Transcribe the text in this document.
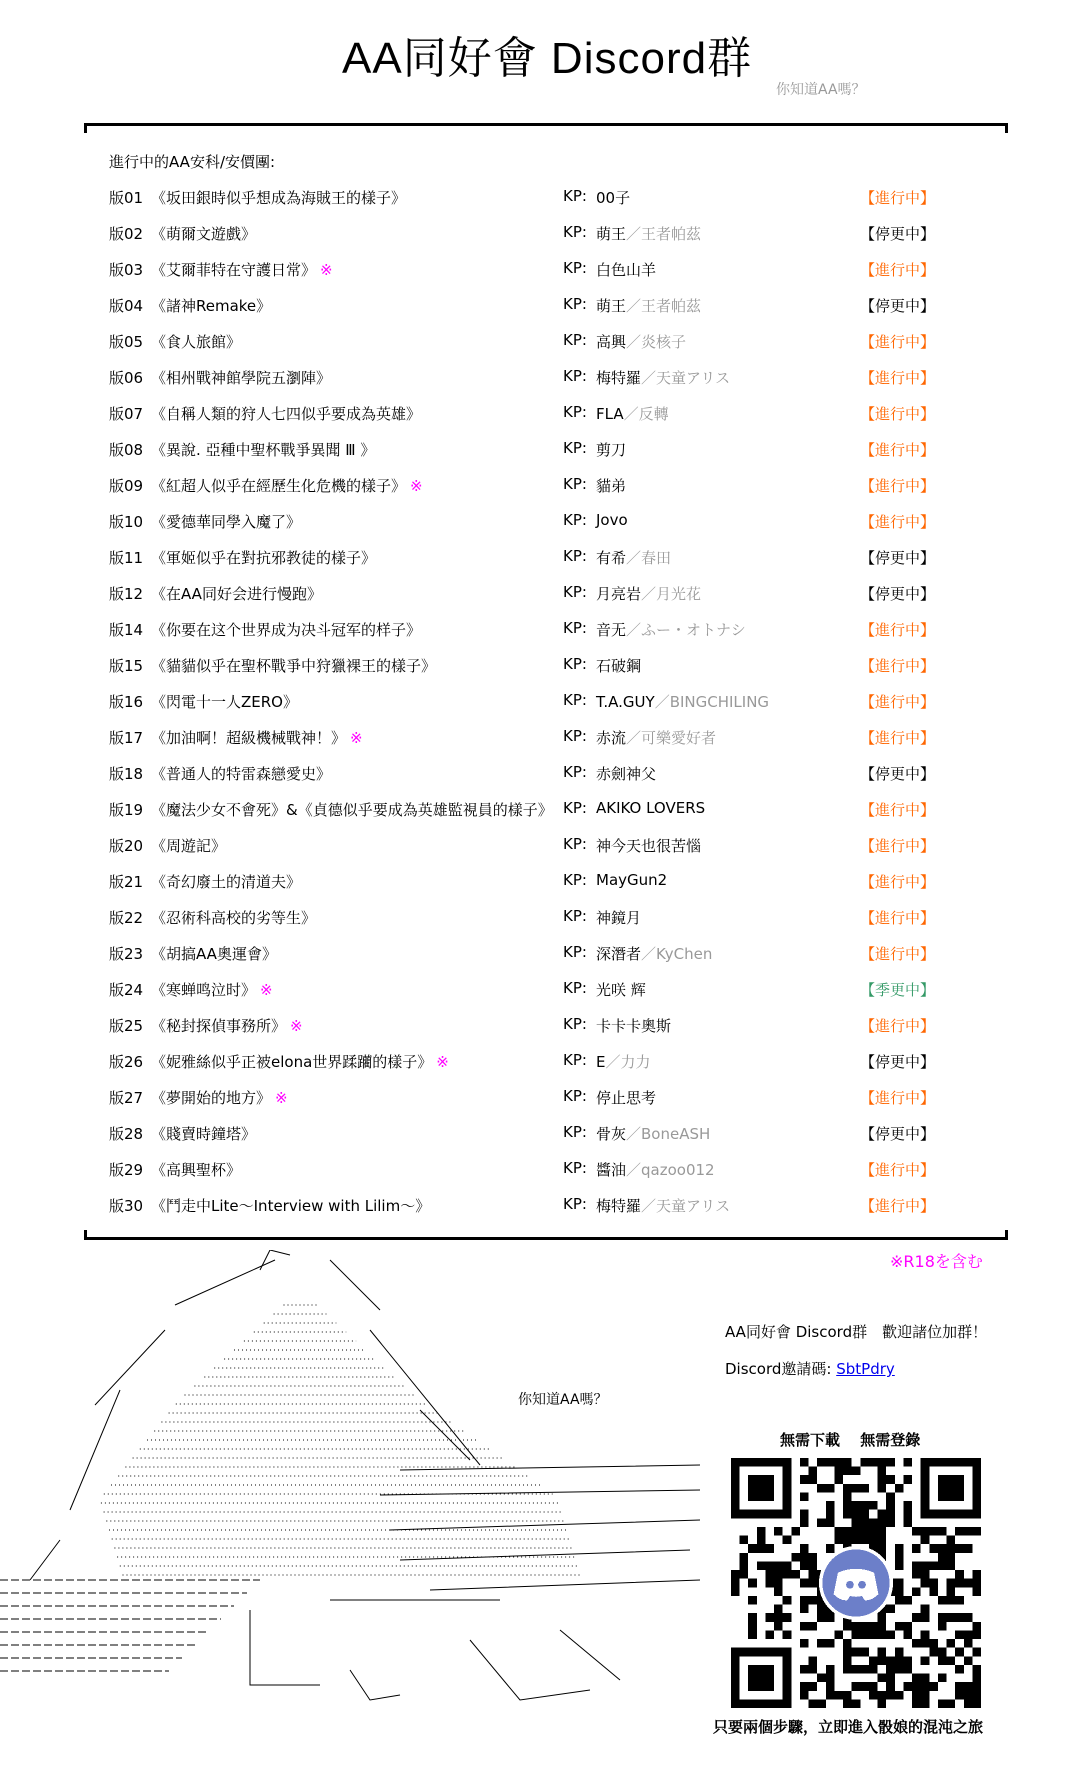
AA同好會 Discord群
你知道AA嗎？
進行中的AA安科/安價團:
版01 《坂田銀時似乎想成為海賊王的樣子》	KP: 00子	【進行中】
版02 《萌爾文遊戲》	KP: 萌王／王者帕茲	【停更中】
版03 《艾爾菲特在守護日常》 ※	KP: 白色山羊	【進行中】
版04 《諸神Remake》	KP: 萌王／王者帕茲	【停更中】
版05 《食人旅館》	KP: 高興／炎核子	【進行中】
版06 《相州戰神館學院五瀏陣》	KP: 梅特羅／天童アリス	【進行中】
版07 《自稱人類的狩人七四似乎要成為英雄》	KP: FLA／反轉	【進行中】
版08 《異說. 亞種中聖杯戰爭異聞 Ⅲ 》	KP: 剪刀	【進行中】
版09 《紅超人似乎在經歷生化危機的樣子》 ※	KP: 貓弟	【進行中】
版10 《愛德華同學入魔了》	KP: Jovo	【進行中】
版11 《軍姬似乎在對抗邪教徒的樣子》	KP: 有希／春田	【停更中】
版12 《在AA同好会进行慢跑》	KP: 月亮岩／月光花	【停更中】
版14 《你要在这个世界成为决斗冠军的样子》	KP: 音无／ふー・オトナシ	【進行中】
版15 《貓貓似乎在聖杯戰爭中狩獵裸王的樣子》	KP: 石破鋼	【進行中】
版16 《閃電十一人ZERO》	KP: T.A.GUY／BINGCHILING	【進行中】
版17 《加油啊！超級機械戰神！》 ※	KP: 赤流／可樂愛好者	【進行中】
版18 《普通人的特雷森戀愛史》	KP: 赤劍神父	【停更中】
版19 《魔法少女不會死》&《貞德似乎要成為英雄監視員的樣子》 KP: AKIKO LOVERS	【進行中】
版20 《周遊記》	KP: 神今天也很苦惱	【進行中】
版21 《奇幻廢土的清道夫》	KP: MayGun2	【進行中】
版22 《忍術科高校的劣等生》	KP: 神鏡月	【進行中】
版23 《胡搞AA奧運會》	KP: 深潛者／KyChen	【進行中】
版24 《寒蝉鸣泣时》 ※	KP: 光咲 辉	【季更中】
版25 《秘封探偵事務所》 ※	KP: 卡卡卡奧斯	【進行中】
版26 《妮雅絲似乎正被elona世界蹂躪的樣子》 ※	KP: E／力力	【停更中】
版27 《夢開始的地方》 ※	KP: 停止思考	【進行中】
版28 《賤賣時鐘塔》	KP: 骨灰／BoneASH	【停更中】
版29 《高興聖杯》	KP: 醬油／qazoo012	【進行中】
版30 《鬥走中Lite～Interview with Lilim～》	KP: 梅特羅／天童アリス	【進行中】
※R18を含む
你知道AA嗎？
AA同好會 Discord群　歡迎諸位加群！
Discord邀請碼: SbtPdry
無需下載　 無需登錄
只要兩個步驟，立即進入骰娘的混沌之旅
